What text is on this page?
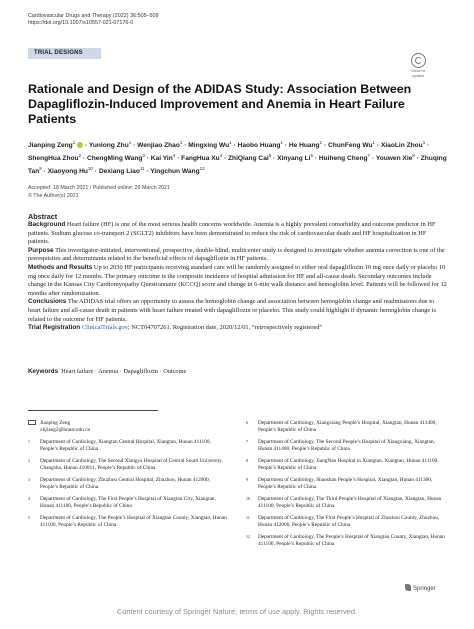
Cardiovascular Drugs and Therapy (2022) 36:505–509
https://doi.org/10.1007/s10557-021-07176-0
TRIAL DESIGNS
Check for
updates
Rationale and Design of the ADIDAS Study: Association Between Dapagliflozin-Induced Improvement and Anemia in Heart Failure Patients
Jianping Zeng$^1$  · Yunlong Zhu$^1$ · Wenjiao Zhao$^1$ · Mingxing $Wu^1$ · Haobo Huang$^1$ · He Huang$^1$ · ChunFeng $Wu^1$ · XiaoLin Zhou$^1$ · ShengHua Zhou$^2$ · ChengMing Wang$^3$ · Kai Yin$^4$ · FangHua $Xu^4$ · ZhiQiang Cai$^5$ · Xinyang $Li^6$ · Huiheng Cheng$^7$ · Youwen Xie$^8$ · Zhuqing Tan$^8$ · Xiaoyong $Hu^{10}$ · Dexiang Liao$^{11}$ · Yingchun Wang$^{12}$
Accepted: 18 March 2021 / Published online: 29 March 2021
© The Author(s) 2021
Abstract

Background Heart failure (HF) is one of the most serious health concerns worldwide. Anemia is a highly prevalent comorbidity and outcome predictor in HF patients. Sodium glucose co-transport 2 (SGLT2) inhibitors have been demonstrated to reduce the risk of cardiovascular death and HF hospitalization in HF patients.

Purpose This investigator-initiated, interventional, prospective, double-blind, multicenter study is designed to investigate whether anemia correction is one of the prerequisites and determinants related to the beneficial effects of dapagliflozin in HF patients.

Methods and Results Up to 2030 HF participants receiving standard care will be randomly assigned to either oral dapagliflozin 10 mg once daily or placebo 10 mg once daily for 12 months. The primary outcome is the composite incidence of hospital admission for HF and all-cause death. Secondary outcomes include change in the Kansas City Cardiomyopathy Questionnaire (KCCQ) score and change in 6-min walk distance and hemoglobin level. Patients will be followed for 12 months after randomization.

Conclusions The ADIDAS trial offers an opportunity to assess the hemoglobin change and association between hemoglobin change and readmissions due to heart failure and all-cause death in patients with heart failure treated with dapagliflozin or placebo. This study could highlight if dynamic hemoglobin change is related to the outcome for HF patients.

Trial Registration ClinicalTrials.gov; NCT04707261. Registration date, 2020/12/01, “retrospectively registered”

Keywords Heart failure · Anemia · Dapagliflozin · Outcome
Jianping Zeng
xhjiang2@hnust.edu.cn
1 Department of Cardiology, Xiangtan Central Hospital, Xiangtan, Hunan 411100, People’s Republic of China
2 Department of Cardiology, The Second Xiangya Hospital of Central South University, Changsha, Hunan 410011, People’s Republic of China
3 Department of Cardiology, Zhuzhou Central Hospital, Zhuzhou, Hunan 412000, People’s Republic of China
4 Department of Cardiology, The First People’s Hospital of Xiangtan City, Xiangtan, Hunan 411100, People’s Republic of China
5 Department of Cardiology, The People’s Hospital of Xiangtan County, Xiangtan, Hunan 411100, People’s Republic of China
6 Department of Cardiology, Xiangxiang People’s Hospital, Xiangtan, Hunan 411400, People’s Republic of China
7 Department of Cardiology, The Second People’s Hospital of Xiangxiang, Xiangtan, Hunan 411400, People’s Republic of China
8 Department of Cardiology, JiangNan Hospital in Xiangtan, Xiangtan, Hunan 411100, People’s Republic of China
9 Department of Cardiology, Shaoshan People’s Hospital, Xiangtan, Hunan 411300, People’s Republic of China
10 Department of Cardiology, The Third People’s Hospital of Xiangtan, Xiangtan, Hunan 411100, People’s Republic of China
11 Department of Cardiology, The First People’s Hospital of Zhuzhou County, Zhuzhou, Hunan 412000, People’s Republic of China
12 Department of Cardiology, The People’s Hospital of Xiangtan County, Xiangtan, Hunan 411100, People’s Republic of China
Springer
Content courtesy of Springer Nature, terms of use apply. Rights reserved.
